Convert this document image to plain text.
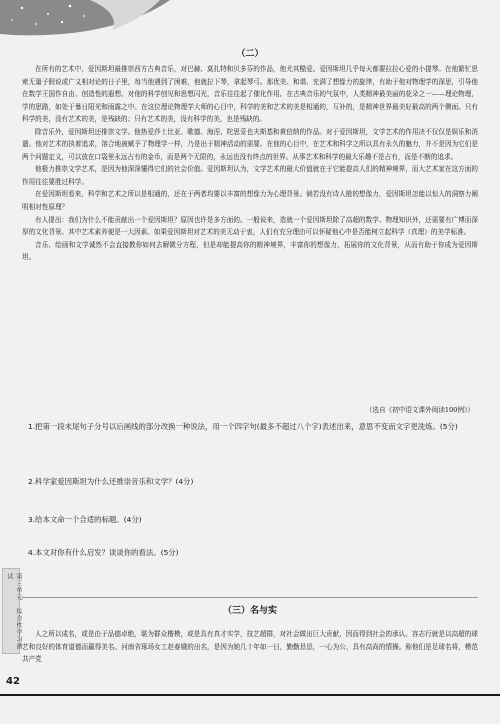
（二）

在所有的艺术中，爱因斯坦最推崇西方古典音乐，对巴赫、莫扎特和贝多芬的作品，他尤其酷爱。爱因斯坦几乎每天都要拉拉心爱的小提琴。在他繁忙思索无量子假说或广义相对论的日子里，每当他遇到了困难，他就拉下琴，拿起琴弓。那优美、和谐、充满了想像力的旋律，有助于他对物理学的深思，引导他在数学王国作自由、创造性的遐想。对他的科学创见和思想闪光，音乐往往起了催化作用。在古典音乐的气氛中，人类精神最美丽的花朵之一——理论物理，学的思路，如处于暴日阳光和雨露之中。在这位理论物理学大师的心目中，科学的美和艺术的美是相通的，互补的，是精神世界最美好最高的两个侧面。只有科学的美，没有艺术的美，是残缺的；只有艺术的美，没有科学的美，也是残缺的。

除音乐外，爱因斯坦还推崇文学。他热爱莎士比亚、歌德、海涅、陀思妥也夫斯基和黄伯纳的作品。对于爱因斯坦，文学艺术的作用决不仅仅是娱乐和消遣。他对艺术的执着追求，溶合地被赋予了物理学一样，乃是出于精神活动的需要。在他的心目中，在艺术和科学之所以具有永久的魅力，并不是因为它们是两个问题定义，可以放在口袋里永远占有的金币，而是两个无限的，永远也没有终点的世界。从事艺术和科学的最大乐趣不是占有，而是不断的追求。

他极力推崇文学艺术，是因为他深深懂得它们的社会价值。爱因斯坦认为，文学艺术的最大价值就在于它能提高人们的精神境界，而大艺术家在这方面的作用往往要胜过科学。

在爱因斯坦看来，科学和艺术之所以是相通的，还在于两者均要以丰富的想像力为心理背景。倘若没有诗人般的想像力，爱因斯坦怎能以惊人的洞察力阐明相对性原理？

有人提出：我们为什么不能贡献出一个爱因斯坦？原因也许是多方面的。一般说来，造就一个爱因斯坦除了高超的数学、物理知识外，还需要有广博而深厚的文化背景。其中艺术素养便是一大因素。如果爱因斯坦对艺术的美无动于衷，人们有充分理由可以怀疑他心中是否能树立起科学（真理）的美学标准。

音乐、绘画和文学诚然不会直接教你如何去解微分方程，但是却能提高你的精神境界，丰富你的想像力，拓展你的文化背景，从而有助于你成为爱因斯坦。

（选自《初中语文课外阅读100例》）
1.把第一段末尾句子分号以后画线的部分改换一种说法，用一个四字句(最多不超过八个字)表述出来，意思不变而文字更洗炼。(5分)
2.科学家爱因斯坦为什么还推崇音乐和文学？(4分)
3.给本文命一个合适的标题。(4分)
4.本文对你有什么启发？谈谈你的看法。(5分)
（三）名与实

人之所以成名，或是由于品德卓绝，堪为群众楷模，或是具有真才实学，技艺超群，对社会做出巨大贡献，因而得到社会的承认。容志行就是以高超的球艺和良好的体育道德而赢得美名。河南省琢场女工赵春娥的出名，是因为她几十年如一日，勤勤恳恳，一心为公，具有高尚的情操。称他们是足球名将，模范共产党

第三单元　综合性学习测试
42
